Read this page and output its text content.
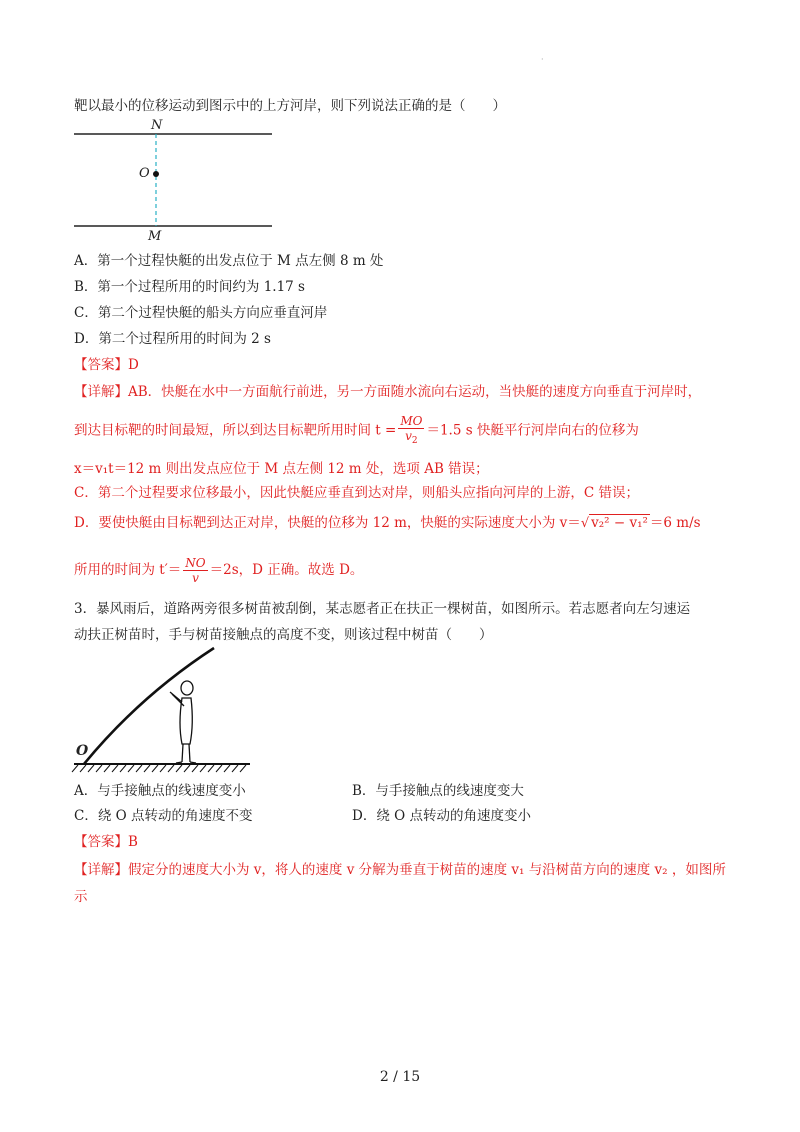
·
靶以最小的位移运动到图示中的上方河岸，则下列说法正确的是（　　）
N
O
M
A．第一个过程快艇的出发点位于 M 点左侧 8 m 处
B．第一个过程所用的时间约为 1.17 s
C．第二个过程快艇的船头方向应垂直河岸
D．第二个过程所用的时间为 2 s
【答案】D
【详解】AB．快艇在水中一方面航行前进，另一方面随水流向右运动，当快艇的速度方向垂直于河岸时，
到达目标靶的时间最短，所以到达目标靶所用时间 $t = \frac{MO}{v_2} =1.5$ s 快艇平行河岸向右的位移为
x＝v₁t＝12 m 则出发点应位于 M 点左侧 12 m 处，选项 AB 错误；
C．第二个过程要求位移最小，因此快艇应垂直到达对岸，则船头应指向河岸的上游，C 错误；
D．要使快艇由目标靶到达正对岸，快艇的位移为 12 m，快艇的实际速度大小为 v＝√ v₂² − v₁² ＝6 m/s
所用的时间为 $t'= \frac{NO}{v} =2s$，D 正确。故选 D。
3．暴风雨后，道路两旁很多树苗被刮倒，某志愿者正在扶正一棵树苗，如图所示。若志愿者向左匀速运
动扶正树苗时，手与树苗接触点的高度不变，则该过程中树苗（　　）
O
A．与手接触点的线速度变小	B．与手接触点的线速度变大
C．绕 O 点转动的角速度不变	D．绕 O 点转动的角速度变小
【答案】B
【详解】假定分的速度大小为 v，将人的速度 v 分解为垂直于树苗的速度 v₁ 与沿树苗方向的速度 v₂ ，如图所
示
2 / 15
